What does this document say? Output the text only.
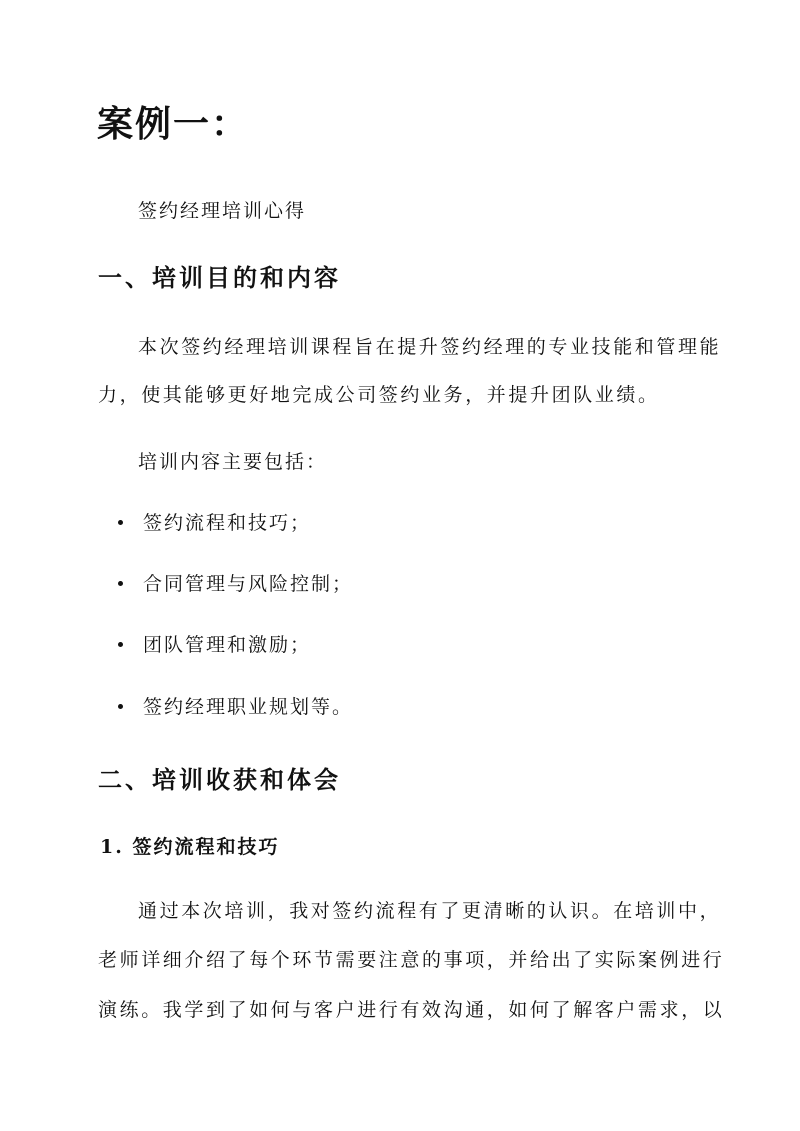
案例一：

签约经理培训心得

一、培训目的和内容

本次签约经理培训课程旨在提升签约经理的专业技能和管理能

力，使其能够更好地完成公司签约业务，并提升团队业绩。

培训内容主要包括：

签约流程和技巧；
合同管理与风险控制；
团队管理和激励；
签约经理职业规划等。
二、培训收获和体会
1. 签约流程和技巧

通过本次培训，我对签约流程有了更清晰的认识。在培训中，

老师详细介绍了每个环节需要注意的事项，并给出了实际案例进行

演练。我学到了如何与客户进行有效沟通，如何了解客户需求，以
